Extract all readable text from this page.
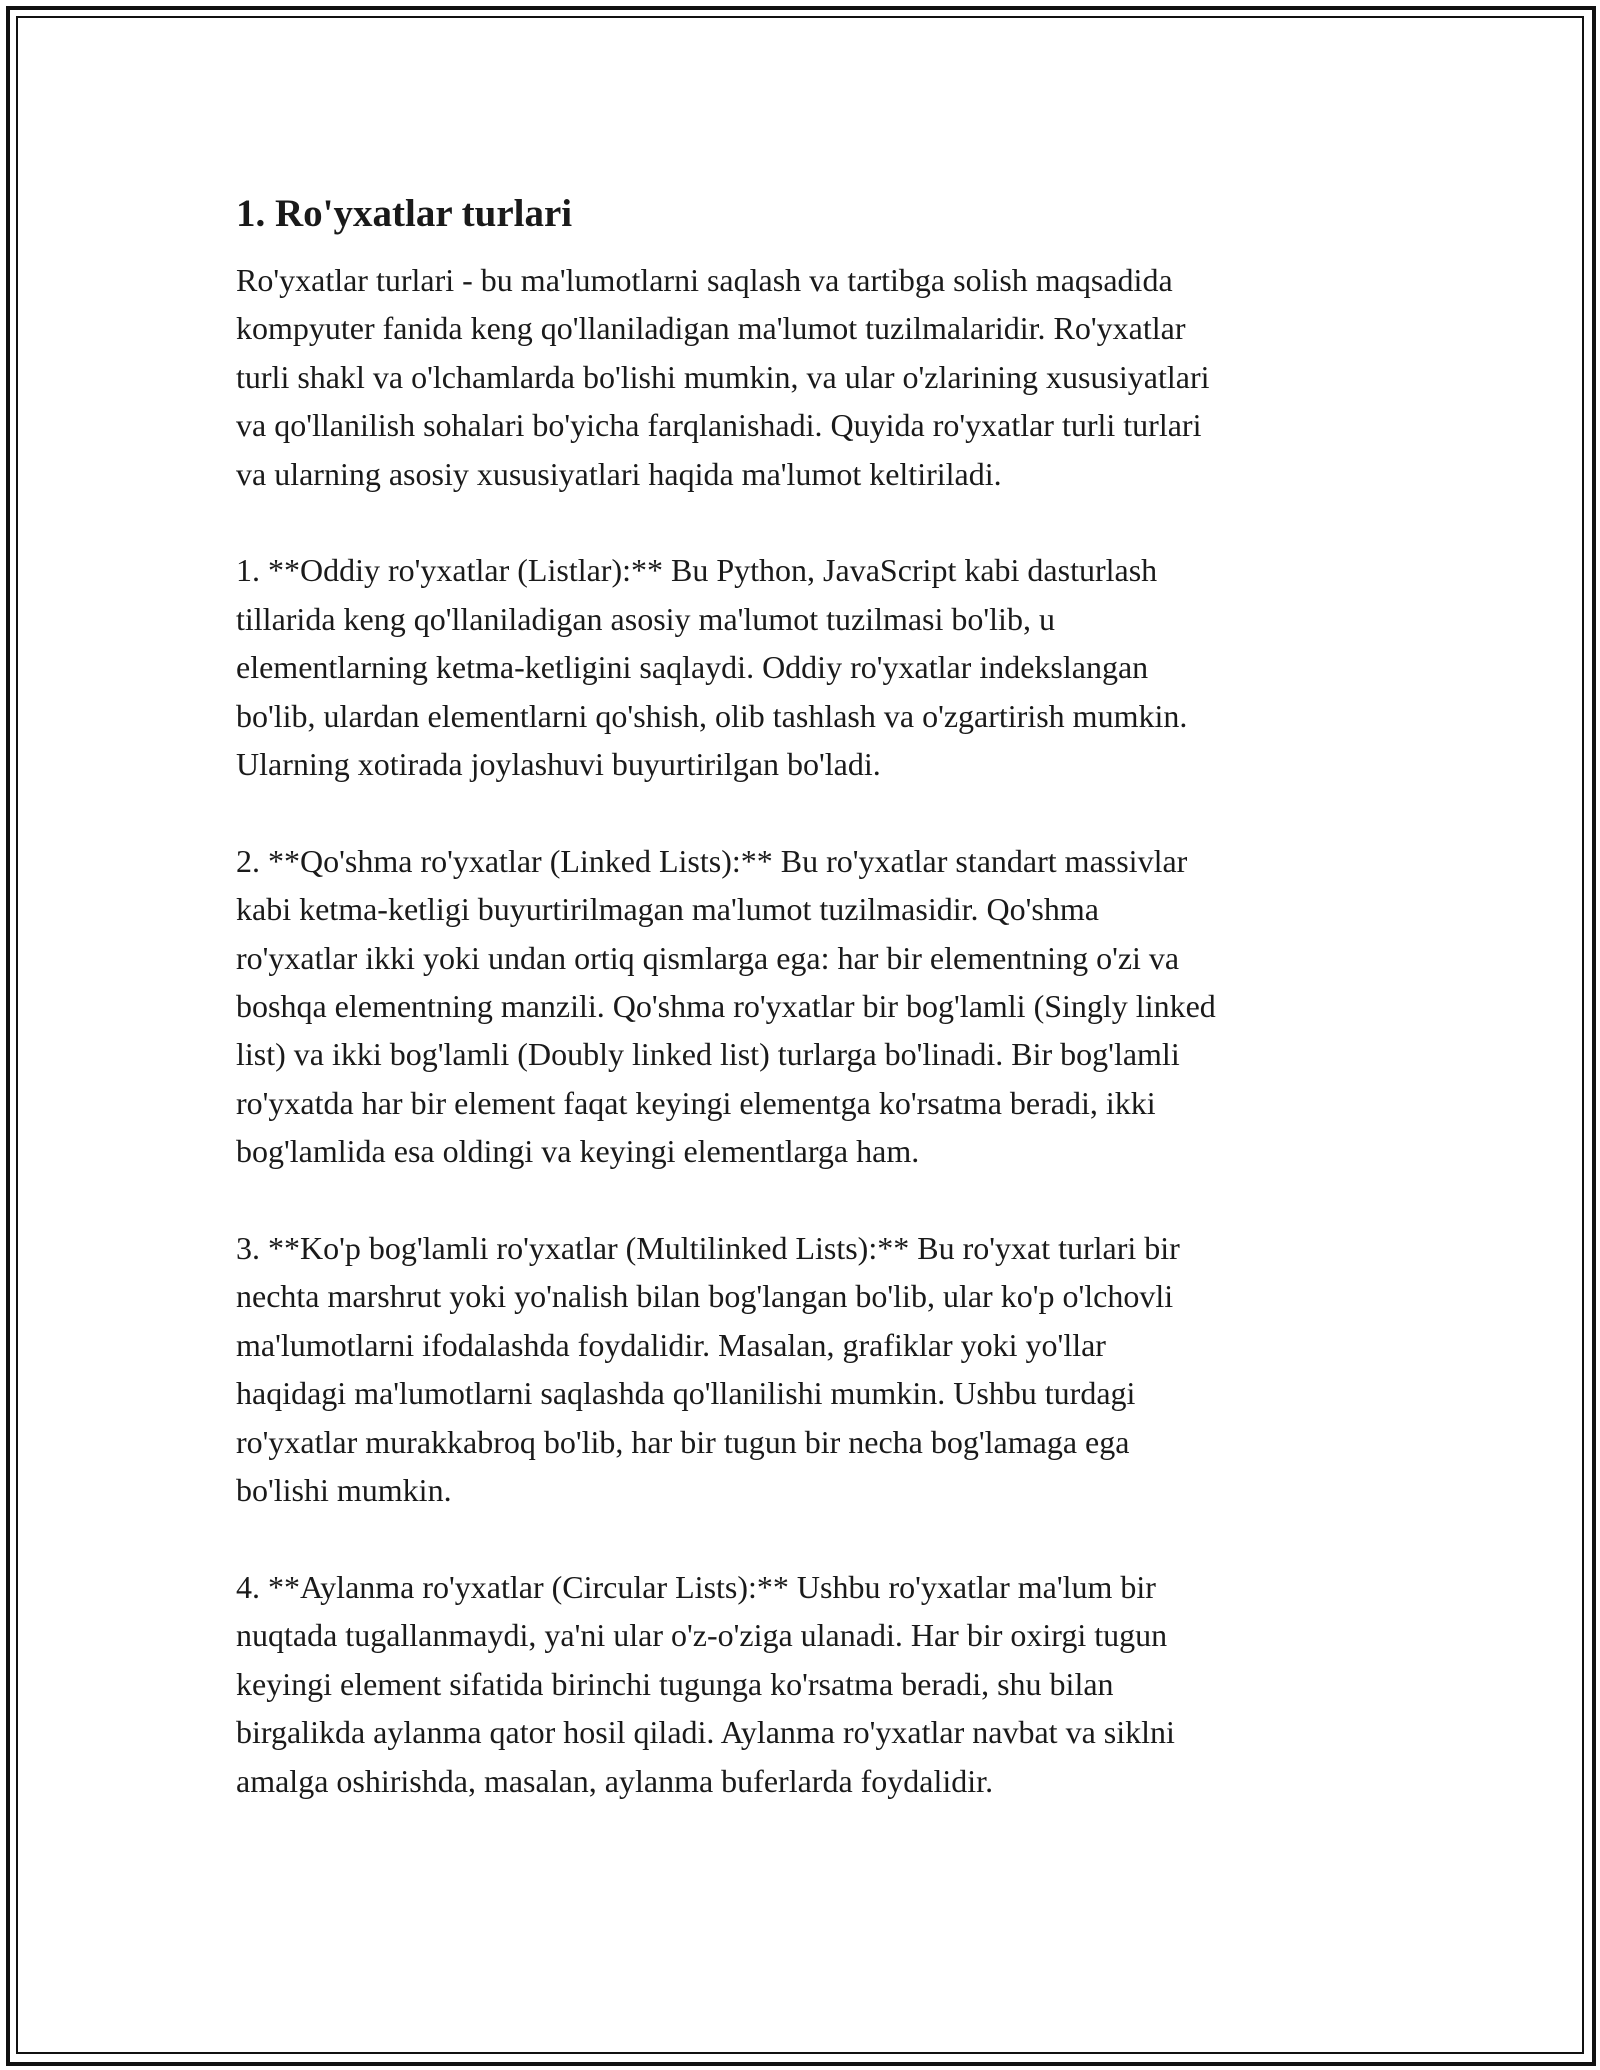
1. Ro'yxatlar turlari

Ro'yxatlar turlari - bu ma'lumotlarni saqlash va tartibga solish maqsadida
kompyuter fanida keng qo'llaniladigan ma'lumot tuzilmalaridir. Ro'yxatlar
turli shakl va o'lchamlarda bo'lishi mumkin, va ular o'zlarining xususiyatlari
va qo'llanilish sohalari bo'yicha farqlanishadi. Quyida ro'yxatlar turli turlari
va ularning asosiy xususiyatlari haqida ma'lumot keltiriladi.

1. **Oddiy ro'yxatlar (Listlar):** Bu Python, JavaScript kabi dasturlash
tillarida keng qo'llaniladigan asosiy ma'lumot tuzilmasi bo'lib, u
elementlarning ketma-ketligini saqlaydi. Oddiy ro'yxatlar indekslangan
bo'lib, ulardan elementlarni qo'shish, olib tashlash va o'zgartirish mumkin.
Ularning xotirada joylashuvi buyurtirilgan bo'ladi.

2. **Qo'shma ro'yxatlar (Linked Lists):** Bu ro'yxatlar standart massivlar
kabi ketma-ketligi buyurtirilmagan ma'lumot tuzilmasidir. Qo'shma
ro'yxatlar ikki yoki undan ortiq qismlarga ega: har bir elementning o'zi va
boshqa elementning manzili. Qo'shma ro'yxatlar bir bog'lamli (Singly linked
list) va ikki bog'lamli (Doubly linked list) turlarga bo'linadi. Bir bog'lamli
ro'yxatda har bir element faqat keyingi elementga ko'rsatma beradi, ikki
bog'lamlida esa oldingi va keyingi elementlarga ham.

3. **Ko'p bog'lamli ro'yxatlar (Multilinked Lists):** Bu ro'yxat turlari bir
nechta marshrut yoki yo'nalish bilan bog'langan bo'lib, ular ko'p o'lchovli
ma'lumotlarni ifodalashda foydalidir. Masalan, grafiklar yoki yo'llar
haqidagi ma'lumotlarni saqlashda qo'llanilishi mumkin. Ushbu turdagi
ro'yxatlar murakkabroq bo'lib, har bir tugun bir necha bog'lamaga ega
bo'lishi mumkin.

4. **Aylanma ro'yxatlar (Circular Lists):** Ushbu ro'yxatlar ma'lum bir
nuqtada tugallanmaydi, ya'ni ular o'z-o'ziga ulanadi. Har bir oxirgi tugun
keyingi element sifatida birinchi tugunga ko'rsatma beradi, shu bilan
birgalikda aylanma qator hosil qiladi. Aylanma ro'yxatlar navbat va siklni
amalga oshirishda, masalan, aylanma buferlarda foydalidir.
